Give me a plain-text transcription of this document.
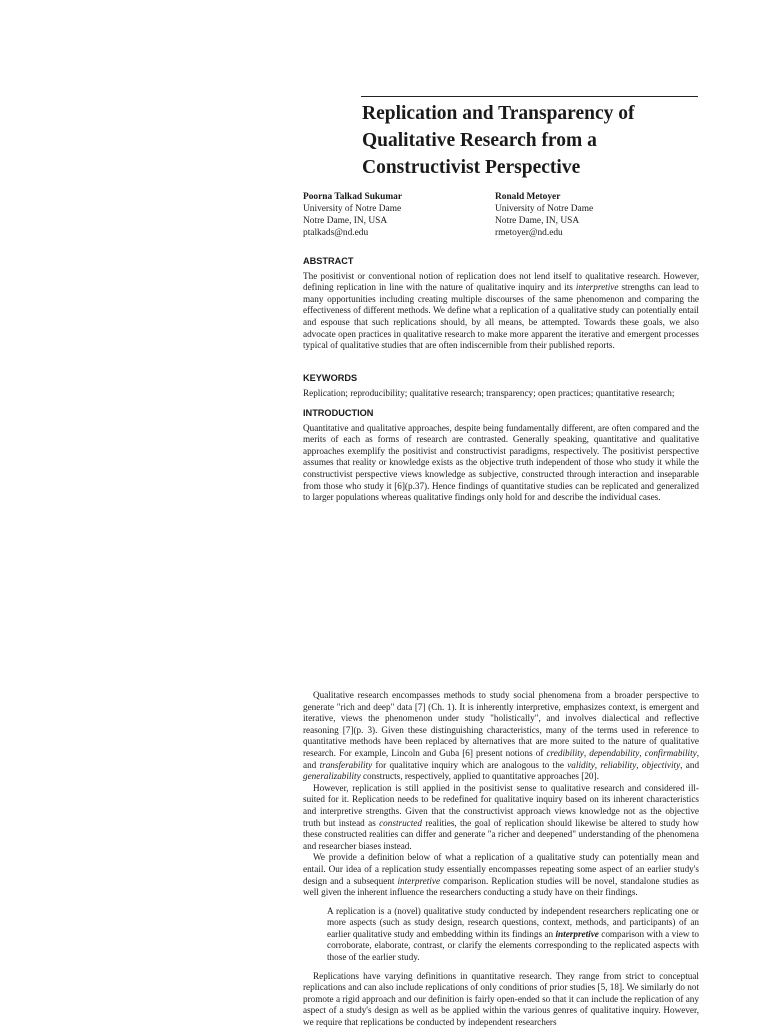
Replication and Transparency of
Qualitative Research from a
Constructivist Perspective
Poorna Talkad Sukumar
University of Notre Dame
Notre Dame, IN, USA
ptalkads@nd.edu
Ronald Metoyer
University of Notre Dame
Notre Dame, IN, USA
rmetoyer@nd.edu
ABSTRACT

The positivist or conventional notion of replication does not lend itself to qualitative research. However, defining replication in line with the nature of qualitative inquiry and its interpretive strengths can lead to many opportunities including creating multiple discourses of the same phenomenon and comparing the effectiveness of different methods. We define what a replication of a qualitative study can potentially entail and espouse that such replications should, by all means, be attempted. Towards these goals, we also advocate open practices in qualitative research to make more apparent the iterative and emergent processes typical of qualitative studies that are often indiscernible from their published reports.

KEYWORDS

Replication; reproducibility; qualitative research; transparency; open practices; quantitative research;

INTRODUCTION

Quantitative and qualitative approaches, despite being fundamentally different, are often compared and the merits of each as forms of research are contrasted. Generally speaking, quantitative and qualitative approaches exemplify the positivist and constructivist paradigms, respectively. The positivist perspective assumes that reality or knowledge exists as the objective truth independent of those who study it while the constructivist perspective views knowledge as subjective, constructed through interaction and inseparable from those who study it [6](p.37). Hence findings of quantitative studies can be replicated and generalized to larger populations whereas qualitative findings only hold for and describe the individual cases.

Qualitative research encompasses methods to study social phenomena from a broader perspective to generate "rich and deep" data [7] (Ch. 1). It is inherently interpretive, emphasizes context, is emergent and iterative, views the phenomenon under study "holistically", and involves dialectical and reflective reasoning [7](p. 3). Given these distinguishing characteristics, many of the terms used in reference to quantitative methods have been replaced by alternatives that are more suited to the nature of qualitative research. For example, Lincoln and Guba [6] present notions of credibility, dependability, confirmability, and transferability for qualitative inquiry which are analogous to the validity, reliability, objectivity, and generalizability constructs, respectively, applied to quantitative approaches [20].

However, replication is still applied in the positivist sense to qualitative research and considered ill-suited for it. Replication needs to be redefined for qualitative inquiry based on its inherent characteristics and interpretive strengths. Given that the constructivist approach views knowledge not as the objective truth but instead as constructed realities, the goal of replication should likewise be altered to study how these constructed realities can differ and generate "a richer and deepened" understanding of the phenomena and researcher biases instead.

We provide a definition below of what a replication of a qualitative study can potentially mean and entail. Our idea of a replication study essentially encompasses repeating some aspect of an earlier study's design and a subsequent interpretive comparison. Replication studies will be novel, standalone studies as well given the inherent influence the researchers conducting a study have on their findings.

A replication is a (novel) qualitative study conducted by independent researchers replicating one or more aspects (such as study design, research questions, context, methods, and participants) of an earlier qualitative study and embedding within its findings an interpretive comparison with a view to corroborate, elaborate, contrast, or clarify the elements corresponding to the replicated aspects with those of the earlier study.

Replications have varying definitions in quantitative research. They range from strict to conceptual replications and can also include replications of only conditions of prior studies [5, 18]. We similarly do not promote a rigid approach and our definition is fairly open-ended so that it can include the replication of any aspect of a study's design as well as be applied within the various genres of qualitative inquiry. However, we require that replications be conducted by independent researchers
